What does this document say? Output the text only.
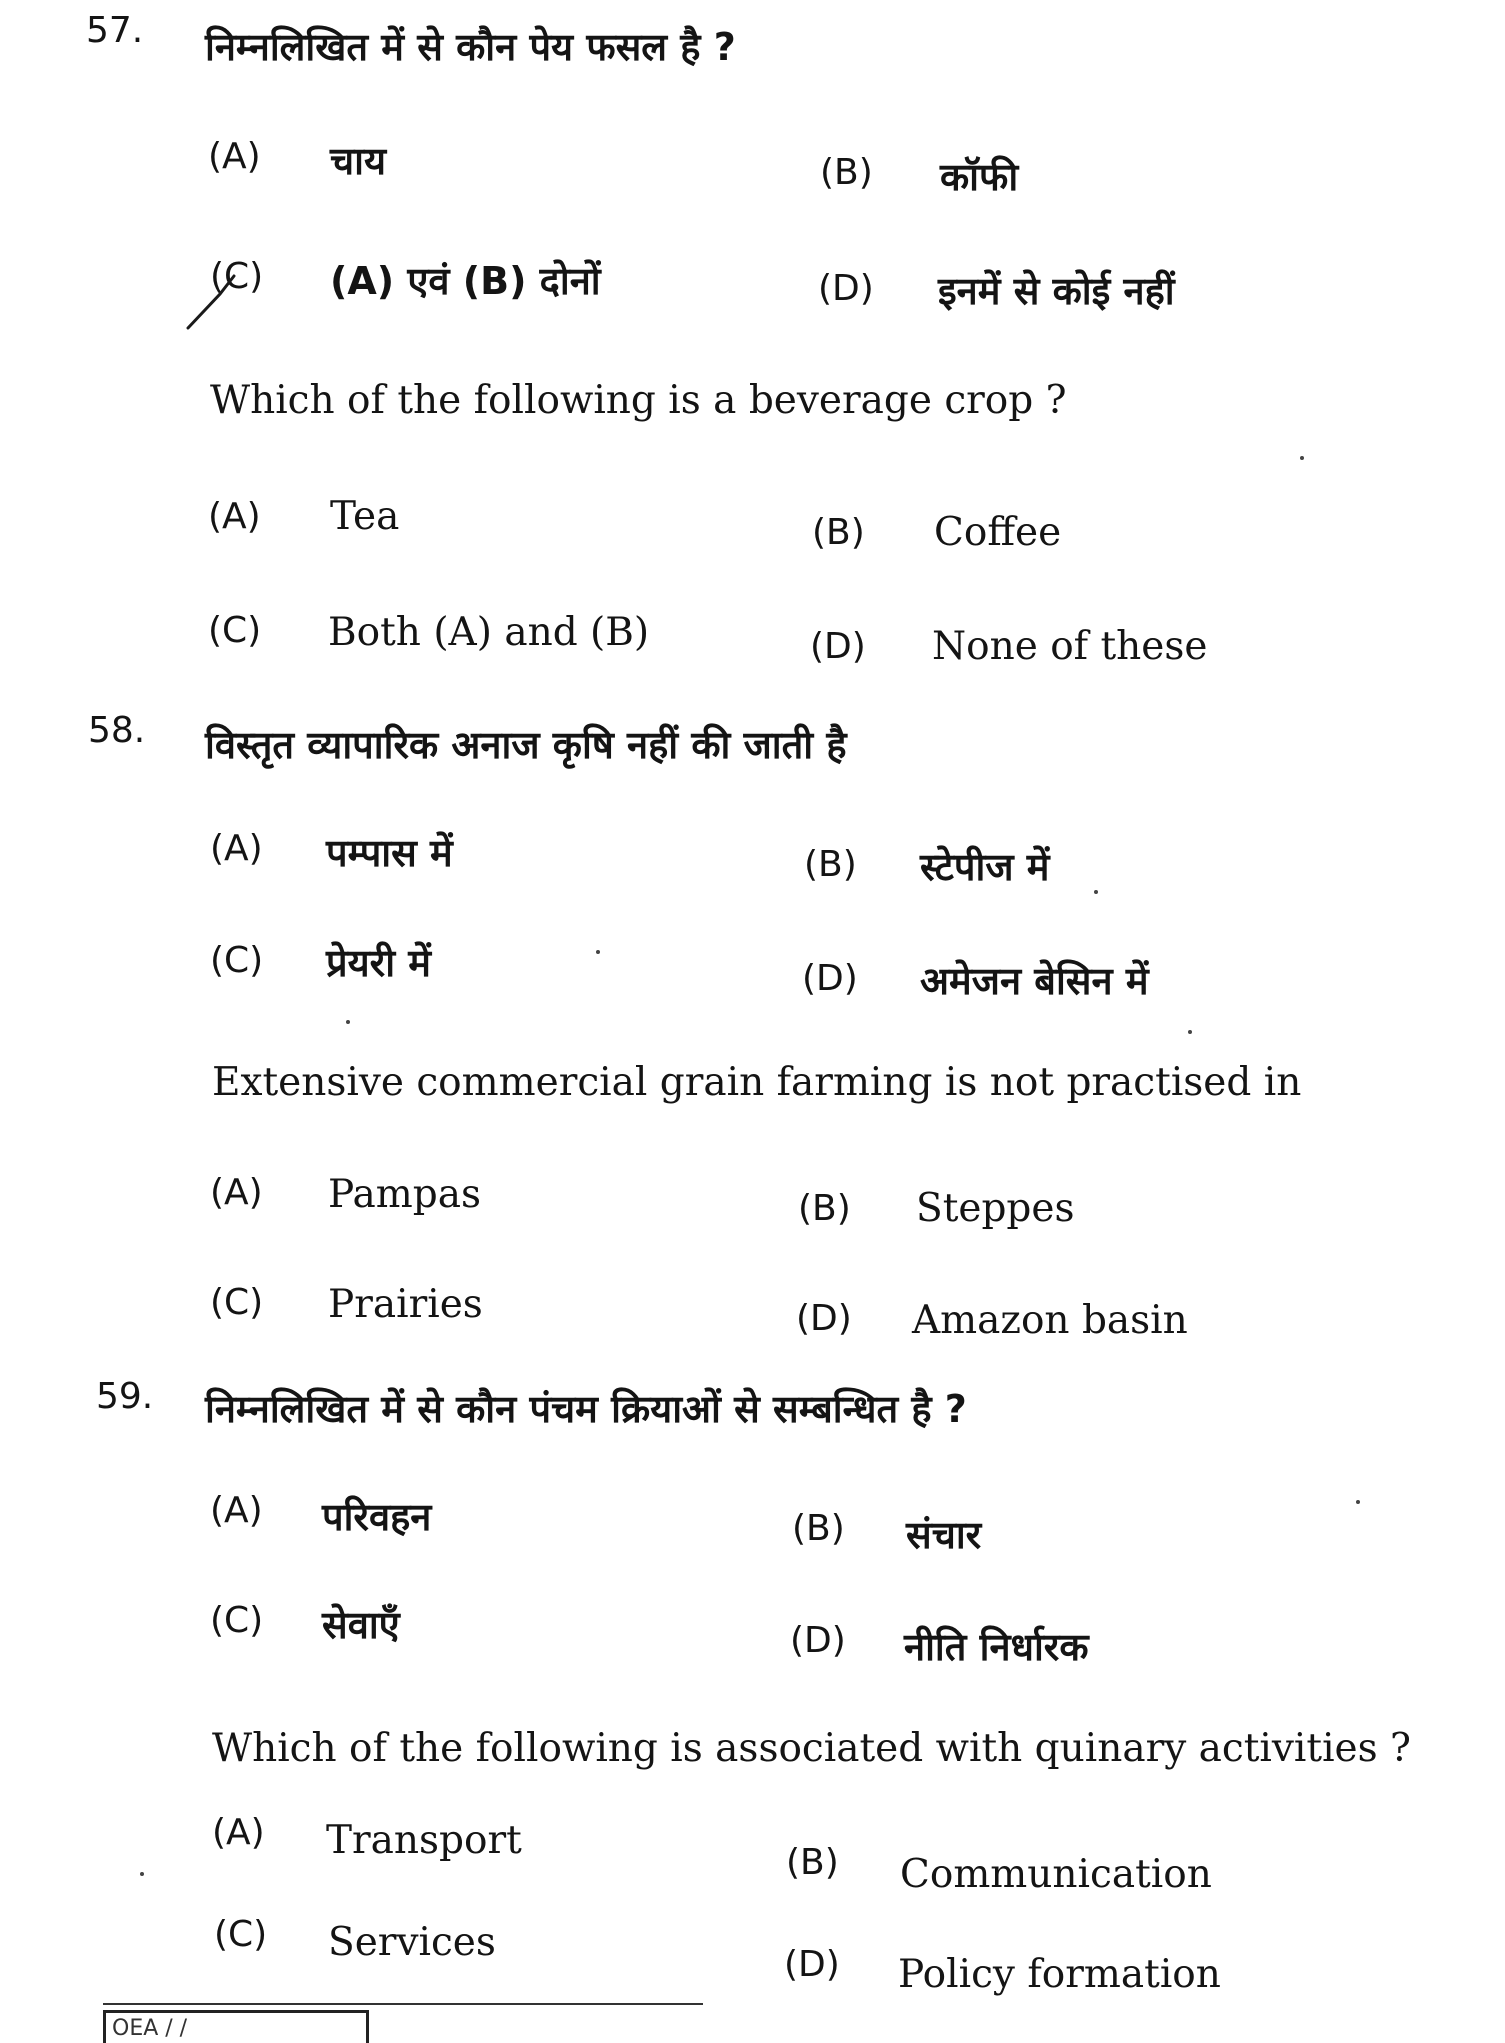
57. निम्नलिखित में से कौन पेय फसल है ?
(A) चाय	(B) कॉफी
(C) (A) एवं (B) दोनों	(D) इनमें से कोई नहीं
Which of the following is a beverage crop ?
(A) Tea	(B) Coffee
(C) Both (A) and (B)	(D) None of these
58. विस्तृत व्यापारिक अनाज कृषि नहीं की जाती है
(A) पम्पास में	(B) स्टेपीज में
(C) प्रेयरी में	(D) अमेजन बेसिन में
Extensive commercial grain farming is not practised in
(A) Pampas	(B) Steppes
(C) Prairies	(D) Amazon basin
59. निम्नलिखित में से कौन पंचम क्रियाओं से सम्बन्धित है ?
(A) परिवहन	(B) संचार
(C) सेवाएँ	(D) नीति निर्धारक
Which of the following is associated with quinary activities ?
(A) Transport	(B) Communication
(C) Services	(D) Policy formation
OEA / /
